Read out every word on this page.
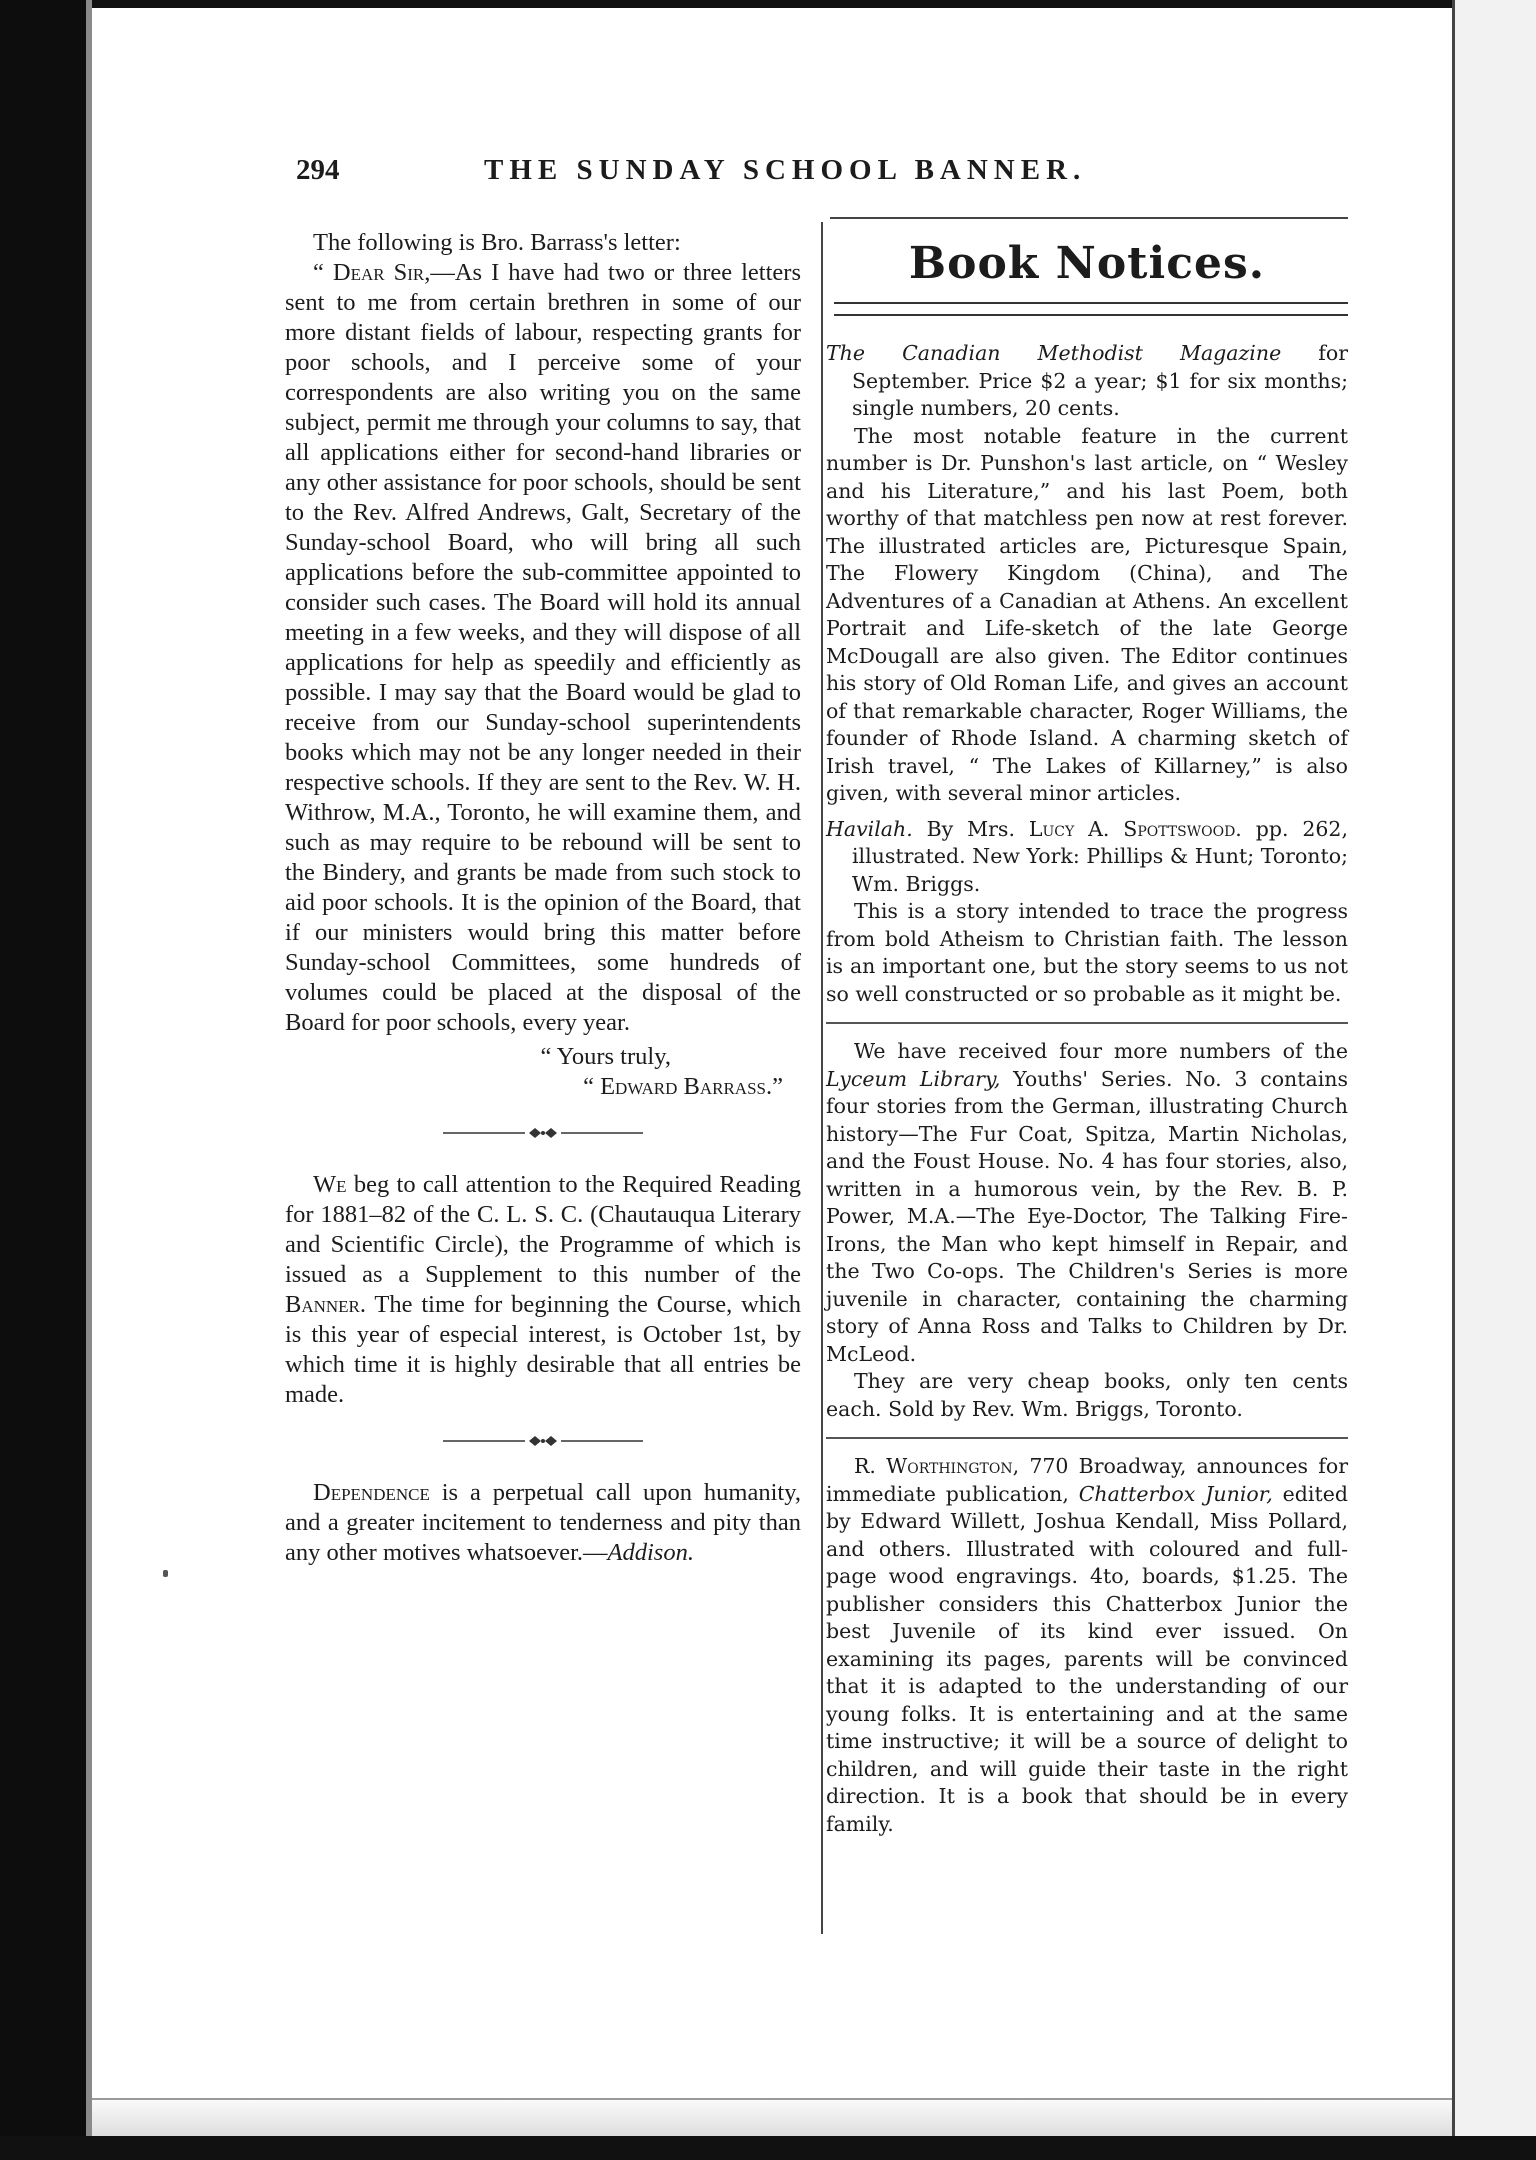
294	THE SUNDAY SCHOOL BANNER.

The following is Bro. Barrass's letter:

“ Dear Sir,—As I have had two or three letters sent to me from certain brethren in some of our more distant fields of labour, respecting grants for poor schools, and I perceive some of your correspondents are also writing you on the same subject, permit me through your columns to say, that all applications either for second-hand libraries or any other assistance for poor schools, should be sent to the Rev. Alfred Andrews, Galt, Secretary of the Sunday-school Board, who will bring all such applications before the sub-committee appointed to consider such cases. The Board will hold its annual meeting in a few weeks, and they will dispose of all applications for help as speedily and efficiently as possible. I may say that the Board would be glad to receive from our Sunday-school superintendents books which may not be any longer needed in their respective schools. If they are sent to the Rev. W. H. Withrow, M.A., Toronto, he will examine them, and such as may require to be rebound will be sent to the Bindery, and grants be made from such stock to aid poor schools. It is the opinion of the Board, that if our ministers would bring this matter before Sunday-school Committees, some hundreds of volumes could be placed at the disposal of the Board for poor schools, every year.

“ Yours truly,

“ Edward Barrass.”

We beg to call attention to the Required Reading for 1881–82 of the C. L. S. C. (Chautauqua Literary and Scientific Circle), the Programme of which is issued as a Supplement to this number of the Banner. The time for beginning the Course, which is this year of especial interest, is October 1st, by which time it is highly desirable that all entries be made.

Dependence is a perpetual call upon humanity, and a greater incitement to tenderness and pity than any other motives whatsoever.—Addison.

Book Notices.

The Canadian Methodist Magazine for September. Price $2 a year; $1 for six months; single numbers, 20 cents.

The most notable feature in the current number is Dr. Punshon's last article, on “ Wesley and his Literature,” and his last Poem, both worthy of that matchless pen now at rest forever. The illustrated articles are, Picturesque Spain, The Flowery Kingdom (China), and The Adventures of a Canadian at Athens. An excellent Portrait and Life-sketch of the late George McDougall are also given. The Editor continues his story of Old Roman Life, and gives an account of that remarkable character, Roger Williams, the founder of Rhode Island. A charming sketch of Irish travel, “ The Lakes of Killarney,” is also given, with several minor articles.

Havilah. By Mrs. Lucy A. Spottswood. pp. 262, illustrated. New York: Phillips & Hunt; Toronto; Wm. Briggs.

This is a story intended to trace the progress from bold Atheism to Christian faith. The lesson is an important one, but the story seems to us not so well constructed or so probable as it might be.

We have received four more numbers of the Lyceum Library, Youths' Series. No. 3 contains four stories from the German, illustrating Church history—The Fur Coat, Spitza, Martin Nicholas, and the Foust House. No. 4 has four stories, also, written in a humorous vein, by the Rev. B. P. Power, M.A.—The Eye-Doctor, The Talking Fire-Irons, the Man who kept himself in Repair, and the Two Co-ops. The Children's Series is more juvenile in character, containing the charming story of Anna Ross and Talks to Children by Dr. McLeod.

They are very cheap books, only ten cents each. Sold by Rev. Wm. Briggs, Toronto.

R. Worthington, 770 Broadway, announces for immediate publication, Chatterbox Junior, edited by Edward Willett, Joshua Kendall, Miss Pollard, and others. Illustrated with coloured and full-page wood engravings. 4to, boards, $1.25. The publisher considers this Chatterbox Junior the best Juvenile of its kind ever issued. On examining its pages, parents will be convinced that it is adapted to the understanding of our young folks. It is entertaining and at the same time instructive; it will be a source of delight to children, and will guide their taste in the right direction. It is a book that should be in every family.
